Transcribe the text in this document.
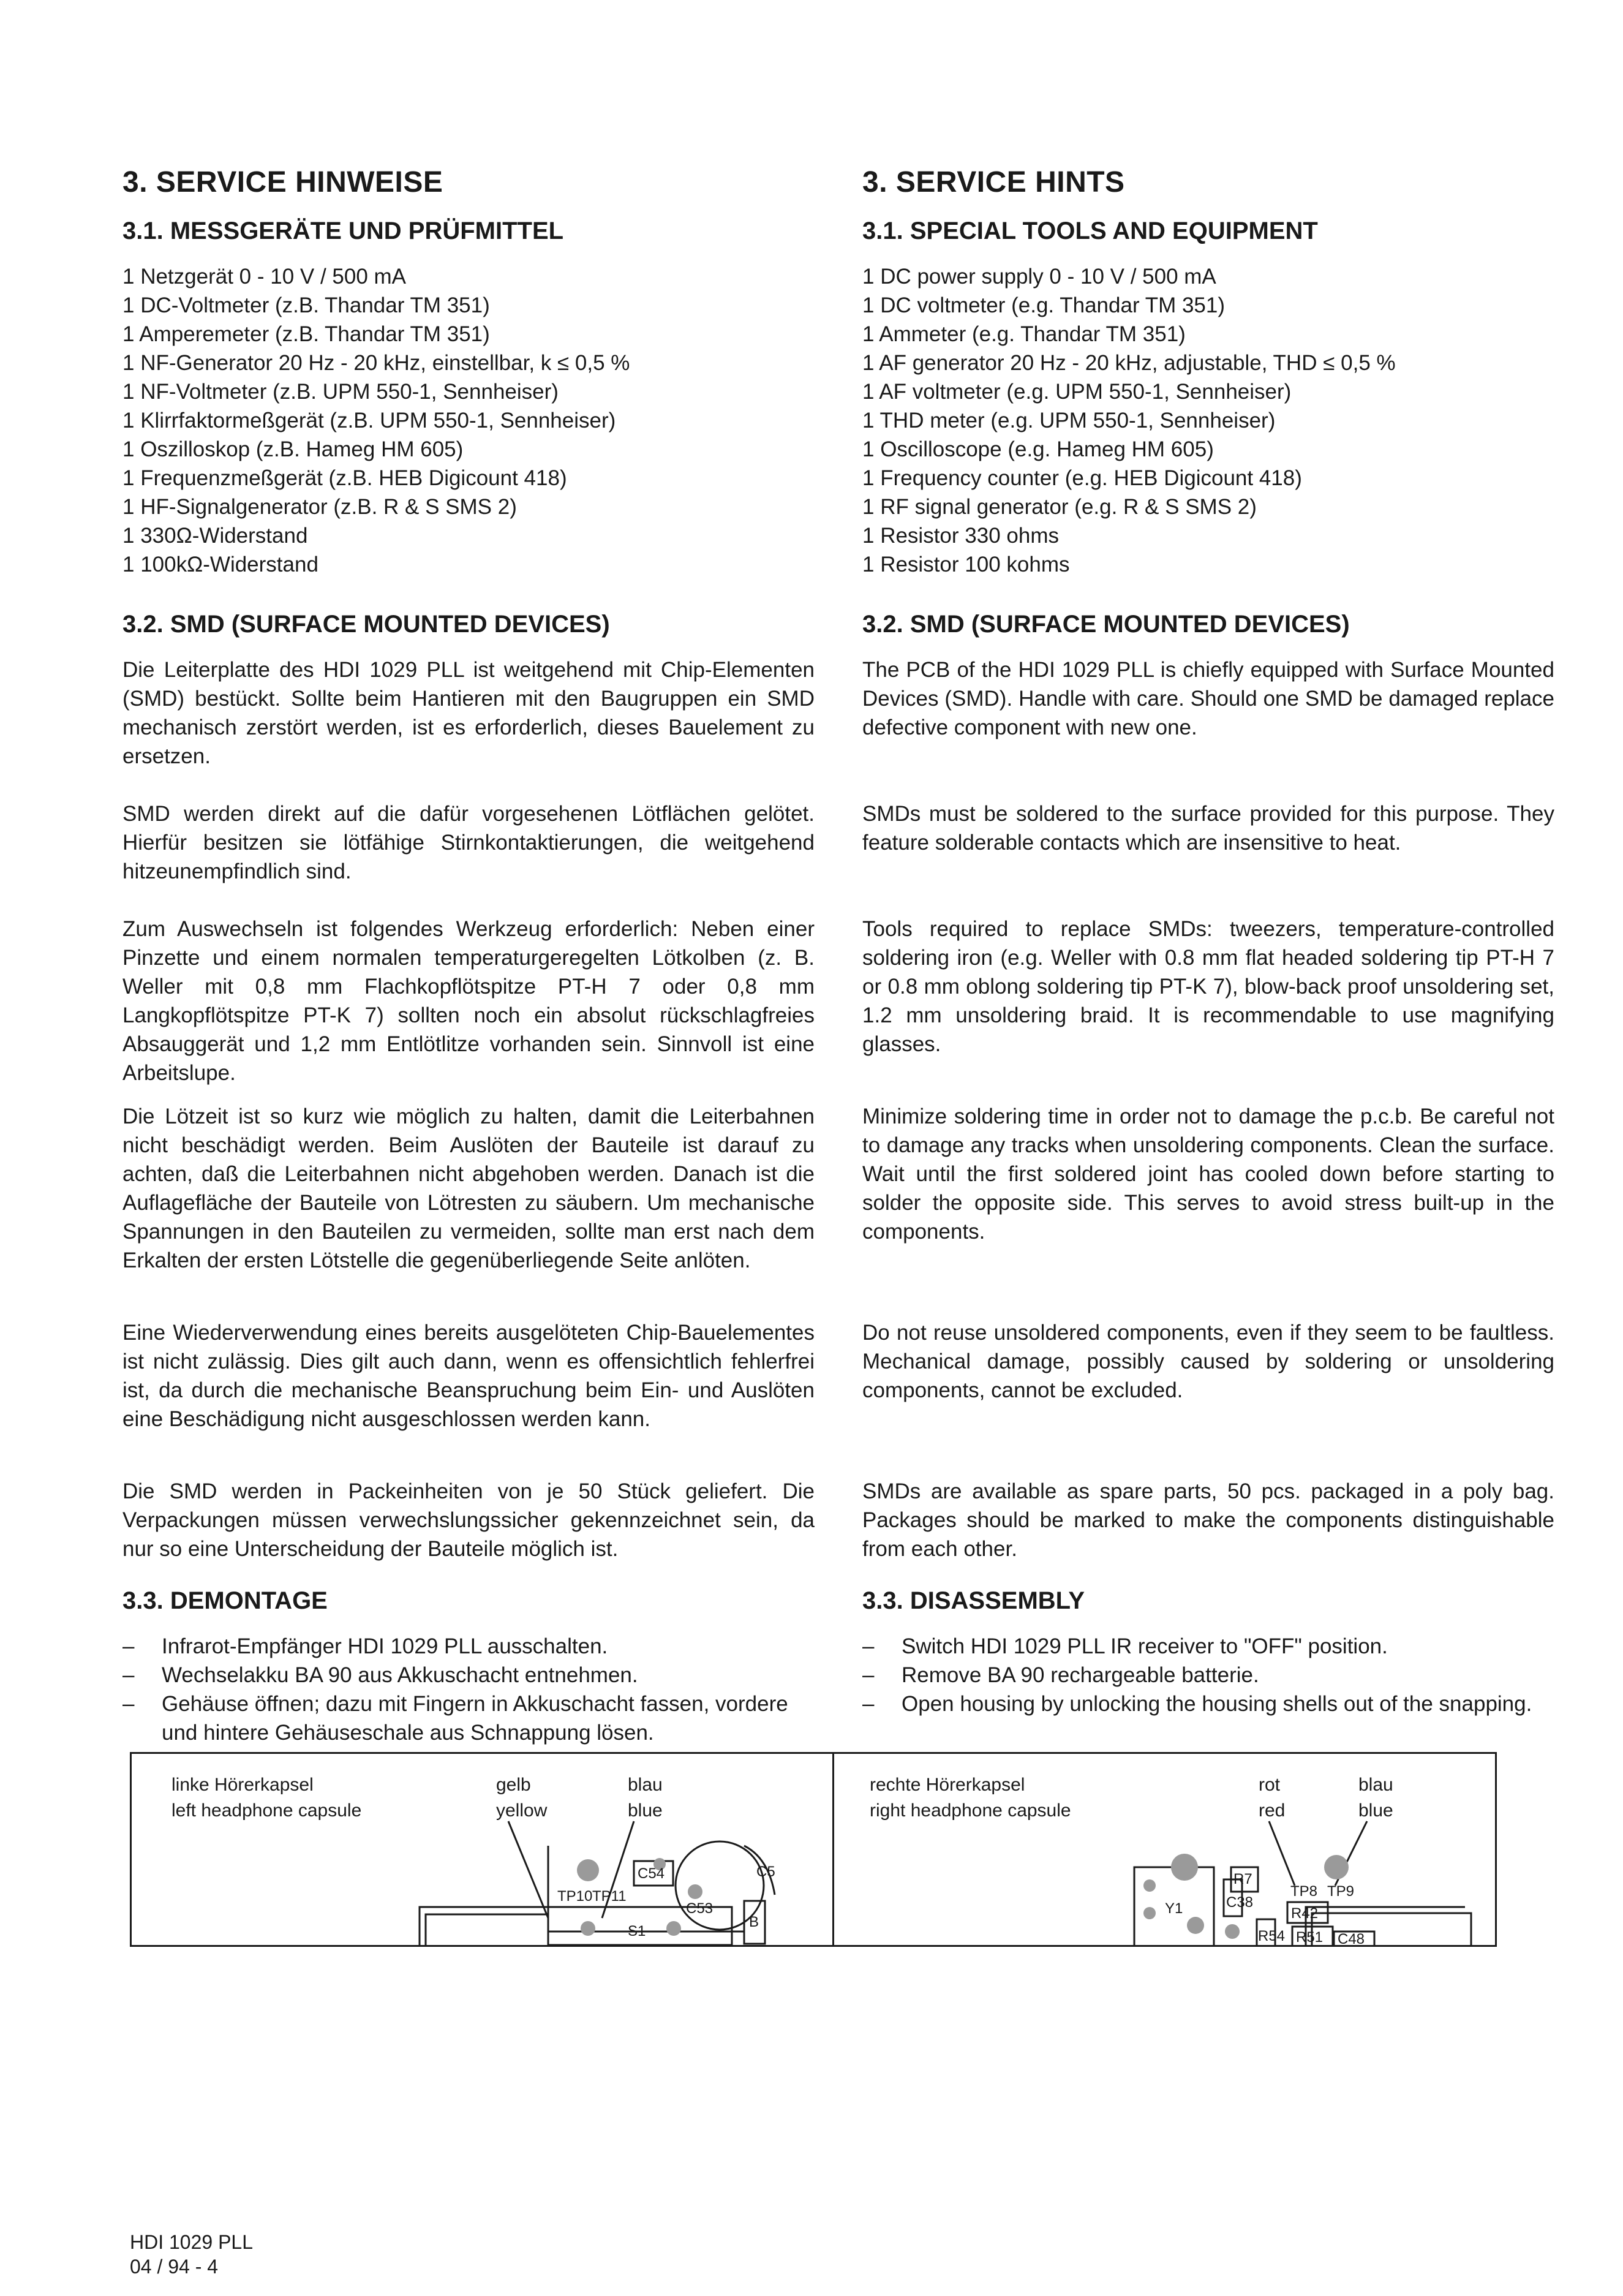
3. SERVICE HINWEISE
3.1. MESSGERÄTE UND PRÜFMITTEL
1 Netzgerät 0 - 10 V / 500 mA
1 DC-Voltmeter (z.B. Thandar TM 351)
1 Amperemeter (z.B. Thandar TM 351)
1 NF-Generator 20 Hz - 20 kHz, einstellbar, k ≤ 0,5 %
1 NF-Voltmeter (z.B. UPM 550-1, Sennheiser)
1 Klirrfaktormeßgerät (z.B. UPM 550-1, Sennheiser)
1 Oszilloskop (z.B. Hameg HM 605)
1 Frequenzmeßgerät (z.B. HEB Digicount 418)
1 HF-Signalgenerator (z.B. R & S SMS 2)
1 330Ω-Widerstand
1 100kΩ-Widerstand
3.2. SMD (SURFACE MOUNTED DEVICES)

Die Leiterplatte des HDI 1029 PLL ist weitgehend mit Chip-Elementen (SMD) bestückt. Sollte beim Hantieren mit den Baugruppen ein SMD mechanisch zerstört werden, ist es erforderlich, dieses Bauelement zu ersetzen.

SMD werden direkt auf die dafür vorgesehenen Lötflächen gelötet. Hierfür besitzen sie lötfähige Stirnkontaktierungen, die weitgehend hitzeunempfindlich sind.

Zum Auswechseln ist folgendes Werkzeug erforderlich: Neben einer Pinzette und einem normalen temperaturgeregelten Lötkolben (z. B. Weller mit 0,8 mm Flachkopflötspitze PT-H 7 oder 0,8 mm Langkopflötspitze PT-K 7) sollten noch ein absolut rückschlagfreies Absauggerät und 1,2 mm Entlötlitze vorhanden sein. Sinnvoll ist eine Arbeitslupe.

Die Lötzeit ist so kurz wie möglich zu halten, damit die Leiterbahnen nicht beschädigt werden. Beim Auslöten der Bauteile ist darauf zu achten, daß die Leiterbahnen nicht abgehoben werden. Danach ist die Auflagefläche der Bauteile von Lötresten zu säubern. Um mechanische Spannungen in den Bauteilen zu vermeiden, sollte man erst nach dem Erkalten der ersten Lötstelle die gegenüberliegende Seite anlöten.

Eine Wiederverwendung eines bereits ausgelöteten Chip-Bauelementes ist nicht zulässig. Dies gilt auch dann, wenn es offensichtlich fehlerfrei ist, da durch die mechanische Beanspruchung beim Ein- und Auslöten eine Beschädigung nicht ausgeschlossen werden kann.

Die SMD werden in Packeinheiten von je 50 Stück geliefert. Die Verpackungen müssen verwechslungssicher gekennzeichnet sein, da nur so eine Unterscheidung der Bauteile möglich ist.

3.3. DEMONTAGE
– Infrarot-Empfänger HDI 1029 PLL ausschalten.
– Wechselakku BA 90 aus Akkuschacht entnehmen.
– Gehäuse öffnen; dazu mit Fingern in Akkuschacht fassen, vordere und hintere Gehäuseschale aus Schnappung lösen.
3. SERVICE HINTS
3.1. SPECIAL TOOLS AND EQUIPMENT
1 DC power supply 0 - 10 V / 500 mA
1 DC voltmeter (e.g. Thandar TM 351)
1 Ammeter (e.g. Thandar TM 351)
1 AF generator 20 Hz - 20 kHz, adjustable, THD ≤ 0,5 %
1 AF voltmeter (e.g. UPM 550-1, Sennheiser)
1 THD meter (e.g. UPM 550-1, Sennheiser)
1 Oscilloscope (e.g. Hameg HM 605)
1 Frequency counter (e.g. HEB Digicount 418)
1 RF signal generator (e.g. R & S SMS 2)
1 Resistor 330 ohms
1 Resistor 100 kohms
3.2. SMD (SURFACE MOUNTED DEVICES)

The PCB of the HDI 1029 PLL is chiefly equipped with Surface Mounted Devices (SMD). Handle with care. Should one SMD be damaged replace defective component with new one.

SMDs must be soldered to the surface provided for this purpose. They feature solderable contacts which are insensitive to heat.

Tools required to replace SMDs: tweezers, temperature-controlled soldering iron (e.g. Weller with 0.8 mm flat headed soldering tip PT-H 7 or 0.8 mm oblong soldering tip PT-K 7), blow-back proof unsoldering set, 1.2 mm unsoldering braid. It is recommendable to use magnifying glasses.

Minimize soldering time in order not to damage the p.c.b. Be careful not to damage any tracks when unsoldering components. Clean the surface. Wait until the first soldered joint has cooled down before starting to solder the opposite side. This serves to avoid stress built-up in the components.

Do not reuse unsoldered components, even if they seem to be faultless. Mechanical damage, possibly caused by soldering or unsoldering components, cannot be excluded.

SMDs are available as spare parts, 50 pcs. packaged in a poly bag. Packages should be marked to make the components distinguishable from each other.

3.3. DISASSEMBLY
– Switch HDI 1029 PLL IR receiver to "OFF" position.
– Remove BA 90 rechargeable batterie.
– Open housing by unlocking the housing shells out of the snapping.
linke Hörerkapsel
left headphone capsule
gelb
yellow
blau
blue
C54
TP10 TP11
C53
S1
C5
B
rechte Hörerkapsel
right headphone capsule
rot
red
blau
blue
R7
Y1	C38
TP8 TP9
R42
R51
R54	C48
HDI 1029 PLL
04 / 94 - 4
